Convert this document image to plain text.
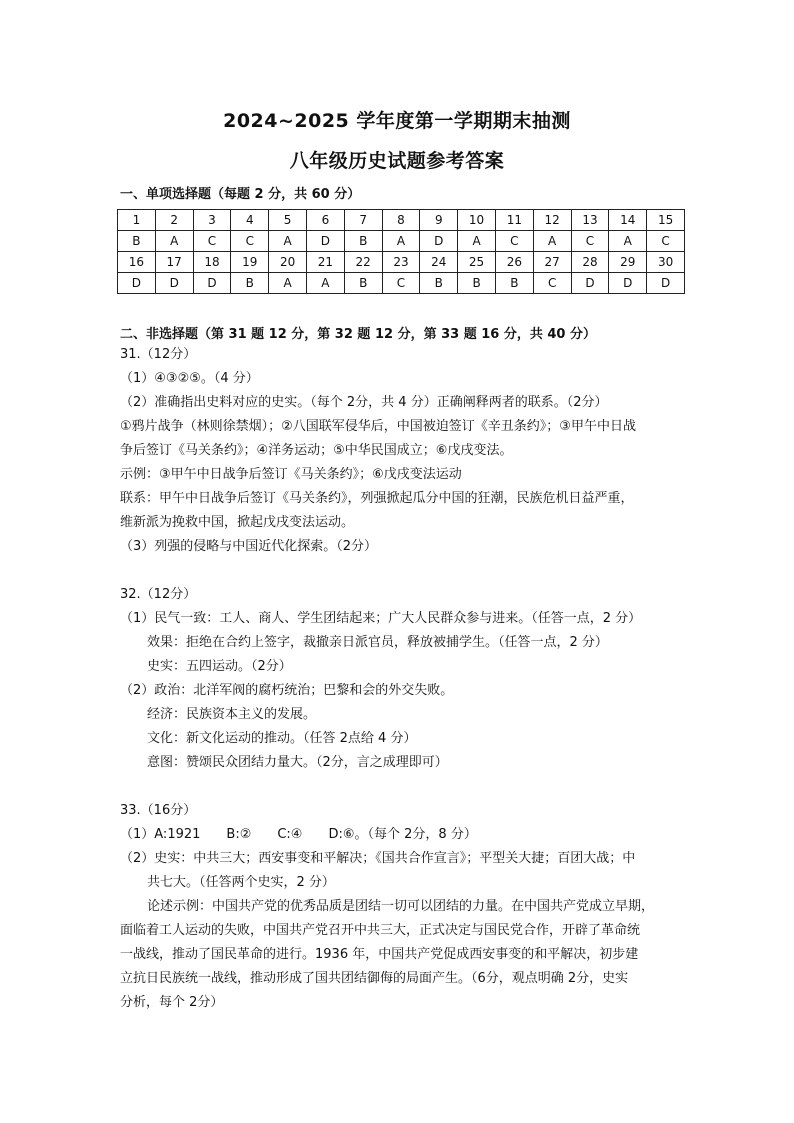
2024~2025 学年度第一学期期末抽测
八年级历史试题参考答案
一、单项选择题（每题 2 分，共 60 分）
1	2	3	4	5	6	7	8	9	10	11	12	13	14	15
B	A	C	C	A	D	B	A	D	A	C	A	C	A	C
16	17	18	19	20	21	22	23	24	25	26	27	28	29	30
D	D	D	B	A	A	B	C	B	B	B	C	D	D	D
二、非选择题（第 31 题 12 分，第 32 题 12 分，第 33 题 16 分，共 40 分）
31.（12分）
（1）④③②⑤。（4 分）
（2）准确指出史料对应的史实。（每个 2分，共 4 分）正确阐释两者的联系。（2分）
①鸦片战争（林则徐禁烟）；②八国联军侵华后，中国被迫签订《辛丑条约》；③甲午中日战
争后签订《马关条约》；④洋务运动；⑤中华民国成立；⑥戊戌变法。
示例：③甲午中日战争后签订《马关条约》；⑥戊戌变法运动
联系：甲午中日战争后签订《马关条约》，列强掀起瓜分中国的狂潮，民族危机日益严重，
维新派为挽救中国，掀起戊戌变法运动。
（3）列强的侵略与中国近代化探索。（2分）
32.（12分）
（1）民气一致：工人、商人、学生团结起来；广大人民群众参与进来。（任答一点，2 分）
效果：拒绝在合约上签字，裁撤亲日派官员，释放被捕学生。（任答一点，2 分）
史实：五四运动。（2分）
（2）政治：北洋军阀的腐朽统治；巴黎和会的外交失败。
经济：民族资本主义的发展。
文化：新文化运动的推动。（任答 2点给 4 分）
意图：赞颂民众团结力量大。（2分，言之成理即可）
33.（16分）
（1）A:1921　　B:②　　C:④　　D:⑥。（每个 2分，8 分）
（2）史实：中共三大；西安事变和平解决；《国共合作宣言》；平型关大捷；百团大战；中
共七大。（任答两个史实，2 分）
论述示例：中国共产党的优秀品质是团结一切可以团结的力量。在中国共产党成立早期，
面临着工人运动的失败，中国共产党召开中共三大，正式决定与国民党合作，开辟了革命统
一战线，推动了国民革命的进行。1936 年，中国共产党促成西安事变的和平解决，初步建
立抗日民族统一战线，推动形成了国共团结御侮的局面产生。（6分，观点明确 2分，史实
分析，每个 2分）
